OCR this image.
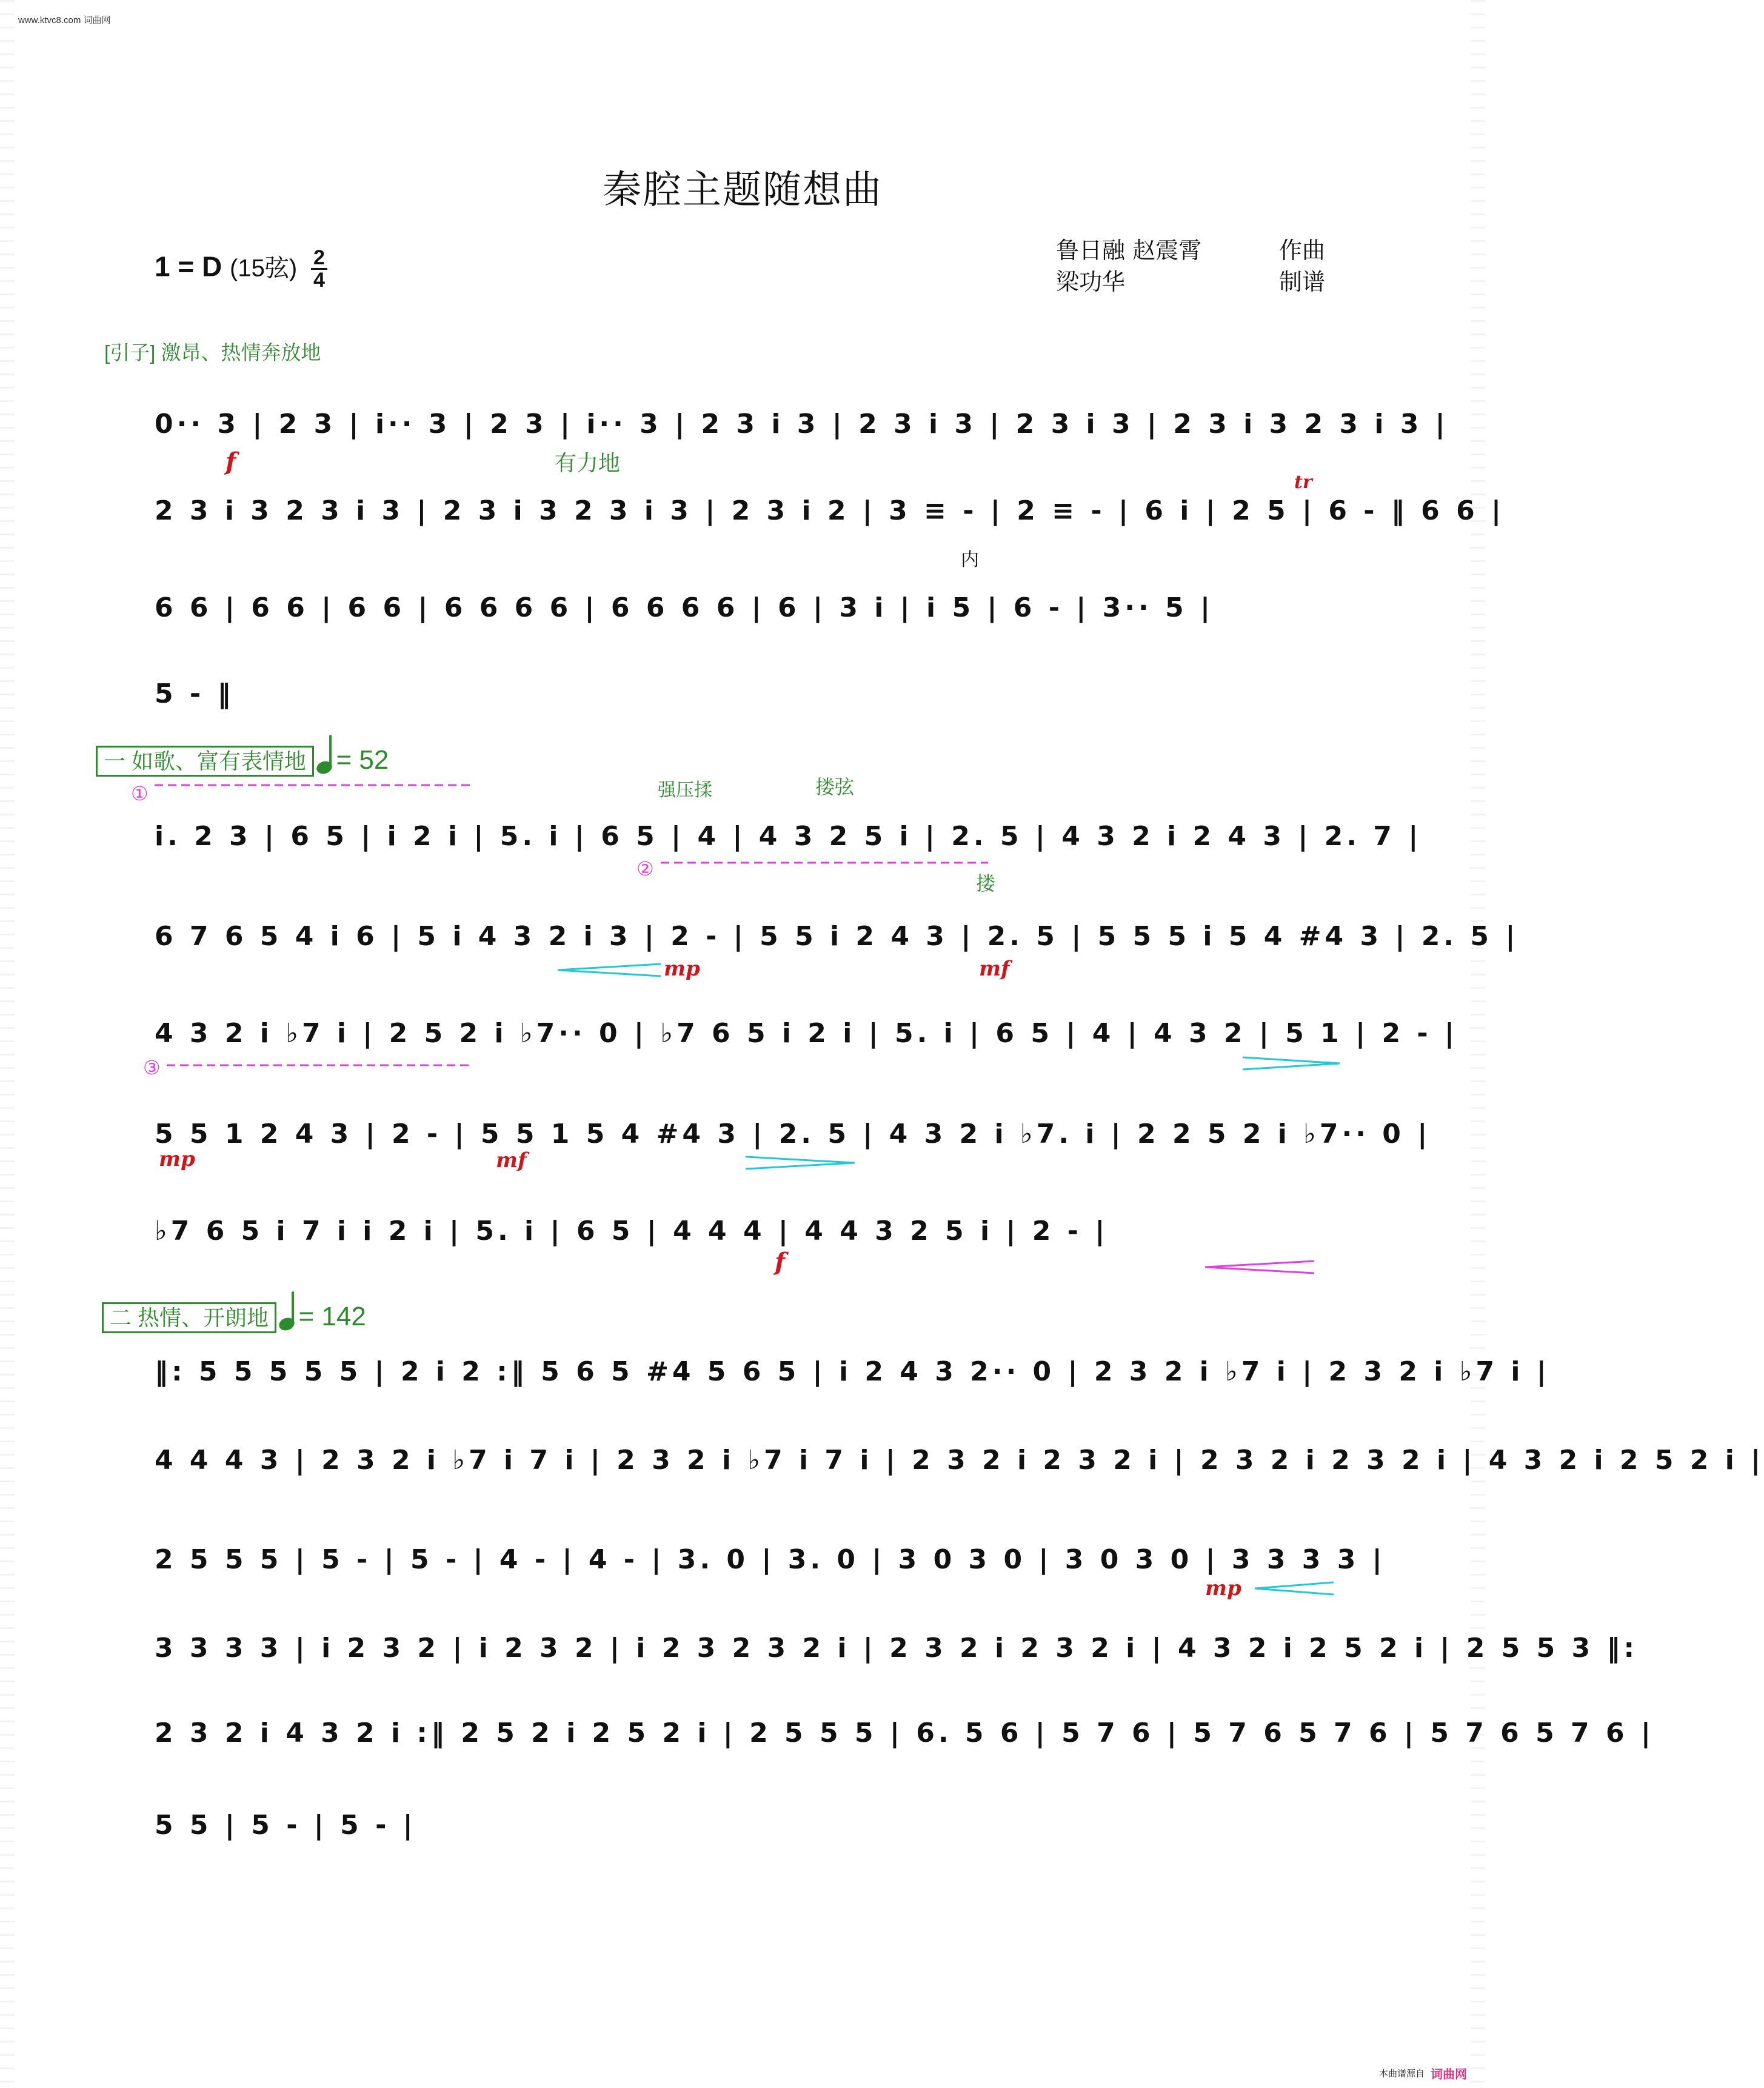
www.ktvc8.com 词曲网
秦腔主题随想曲
1 = D (15弦) $\frac{2}{4}$	鲁日融 赵震霄	作曲
梁功华	制谱
[引子] 激昂、热情奔放地
0·· 3 | 2 3 | i·· 3 | 2 3 | i·· 3 | 2 3 i 3 | 2 3 i 3 | 2 3 i 3 | 2 3 i 3 2 3 i 3 |
f	有力地
2 3 i 3 2 3 i 3 | 2 3 i 3 2 3 i 3 | 2 3 i 2 | 3 ≡ - | 2 ≡ - | 6 i | 2 5 | 6 - ‖ 6 6 |
tr
6 6 | 6 6 | 6 6 | 6 6 6 6 | 6 6 6 6 | 6 | 3 i | i 5 | 6 - | 3·· 5 |
内
5 - ‖
一 如歌、富有表情地 = 52
①	强压揉	搂弦
i. 2 3 | 6 5 | i 2 i | 5. i | 6 5 | 4 | 4 3 2 5 i | 2. 5 | 4 3 2 i 2 4 3 | 2. 7 |
②
搂
6 7 6 5 4 i 6 | 5 i 4 3 2 i 3 | 2 - | 5 5 i 2 4 3 | 2. 5 | 5 5 5 i 5 4 #4 3 | 2. 5 |
mp	mf
4 3 2 i ♭7 i | 2 5 2 i ♭7·· 0 | ♭7 6 5 i 2 i | 5. i | 6 5 | 4 | 4 3 2 | 5 1 | 2 - |
③
5 5 1 2 4 3 | 2 - | 5 5 1 5 4 #4 3 | 2. 5 | 4 3 2 i ♭7. i | 2 2 5 2 i ♭7·· 0 |
mp	mf
♭7 6 5 i 7 i i 2 i | 5. i | 6 5 | 4 4 4 | 4 4 3 2 5 i | 2 - |
f
二 热情、开朗地 = 142
‖: 5 5 5 5 5 | 2 i 2 :‖ 5 6 5 #4 5 6 5 | i 2 4 3 2·· 0 | 2 3 2 i ♭7 i | 2 3 2 i ♭7 i |
4 4 4 3 | 2 3 2 i ♭7 i 7 i | 2 3 2 i ♭7 i 7 i | 2 3 2 i 2 3 2 i | 2 3 2 i 2 3 2 i | 4 3 2 i 2 5 2 i |
2 5 5 5 | 5 - | 5 - | 4 - | 4 - | 3. 0 | 3. 0 | 3 0 3 0 | 3 0 3 0 | 3 3 3 3 |
mp
3 3 3 3 | i 2 3 2 | i 2 3 2 | i 2 3 2 3 2 i | 2 3 2 i 2 3 2 i | 4 3 2 i 2 5 2 i | 2 5 5 3 ‖:
2 3 2 i 4 3 2 i :‖ 2 5 2 i 2 5 2 i | 2 5 5 5 | 6. 5 6 | 5 7 6 | 5 7 6 5 7 6 | 5 7 6 5 7 6 |
5 5 | 5 - | 5 - |
本曲谱源自 词曲网
